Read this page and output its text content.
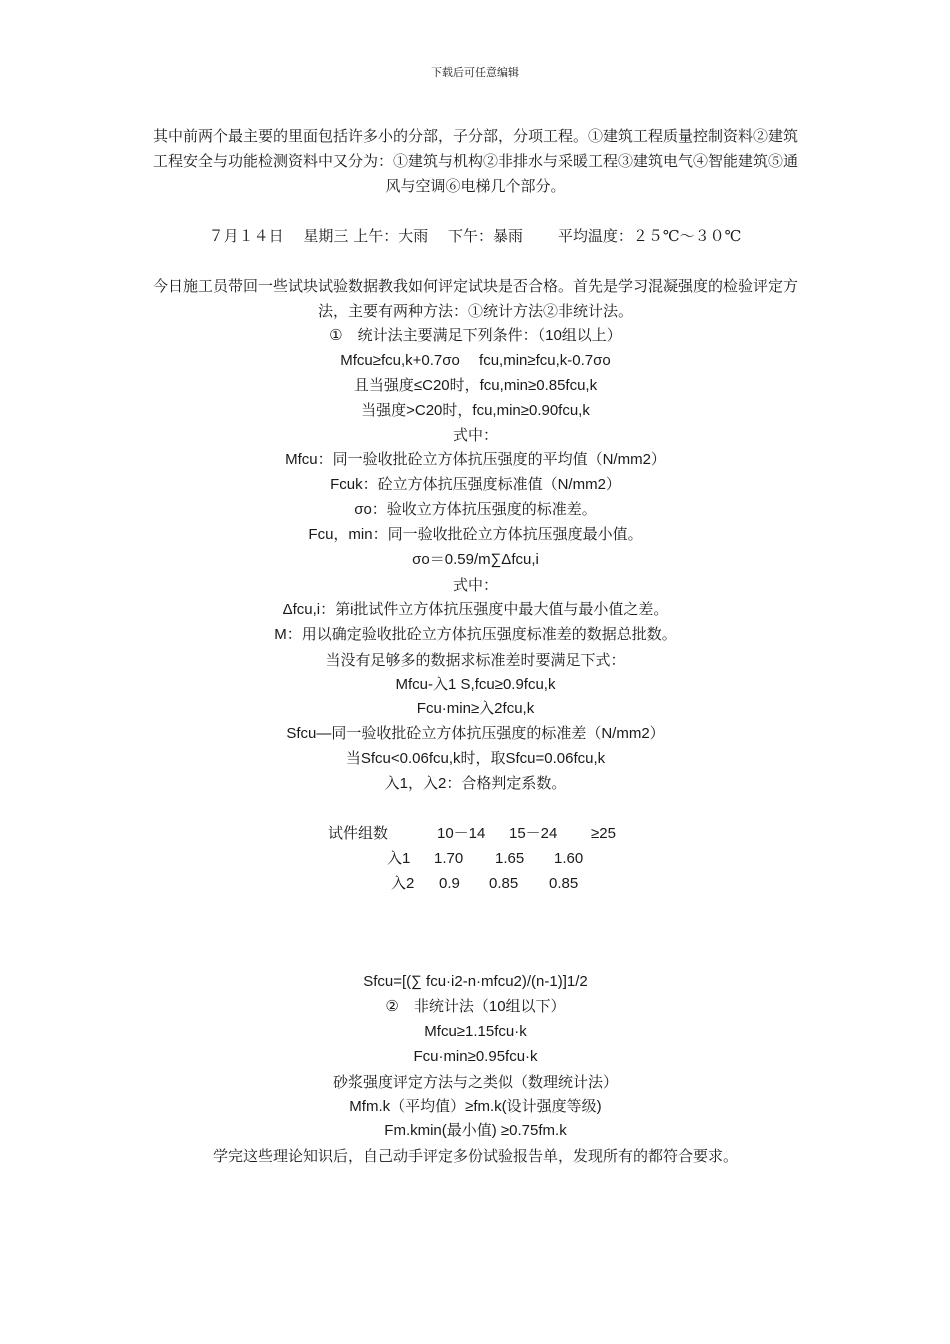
下载后可任意编辑
其中前两个最主要的里面包括许多小的分部，子分部，分项工程。①建筑工程质量控制资料②建筑工程安全与功能检测资料中又分为：①建筑与机构②非排水与采暖工程③建筑电气④智能建筑⑤通风与空调⑥电梯几个部分。
７月１４日　 星期三 上午：大雨　 下午：暴雨　　 平均温度：２５℃～３０℃

今日施工员带回一些试块试验数据教我如何评定试块是否合格。首先是学习混凝强度的检验评定方法，主要有两种方法：①统计方法②非统计法。

①　统计法主要满足下列条件：（10组以上）

Mfcu≥fcu,k+0.7σo　 fcu,min≥fcu,k-0.7σo

且当强度≤C20时，fcu,min≥0.85fcu,k

当强度>C20时，fcu,min≥0.90fcu,k

式中：

Mfcu：同一验收批砼立方体抗压强度的平均值（N/mm2）

Fcuk：砼立方体抗压强度标准值（N/mm2）

σo：验收立方体抗压强度的标准差。

Fcu，min：同一验收批砼立方体抗压强度最小值。

σo＝0.59/m∑Δfcu,i

式中：

Δfcu,i：第i批试件立方体抗压强度中最大值与最小值之差。

M：用以确定验收批砼立方体抗压强度标准差的数据总批数。

当没有足够多的数据求标准差时要满足下式：

Mfcu-入1 S,fcu≥0.9fcu,k

Fcu·min≥入2fcu,k

Sfcu—同一验收批砼立方体抗压强度的标准差（N/mm2）

当Sfcu<0.06fcu,k时，取Sfcu=0.06fcu,k

入1，入2：合格判定系数。

试件组数	10－14 15－24 ≥25
入1 1.70 1.65 1.60
入2 0.9 0.85 0.85

Sfcu=[(∑ fcu·i2-n·mfcu2)/(n-1)]1/2

②　非统计法（10组以下）

Mfcu≥1.15fcu·k

Fcu·min≥0.95fcu·k

砂浆强度评定方法与之类似（数理统计法）

Mfm.k（平均值）≥fm.k(设计强度等级)

Fm.kmin(最小值) ≥0.75fm.k

学完这些理论知识后，自己动手评定多份试验报告单，发现所有的都符合要求。
